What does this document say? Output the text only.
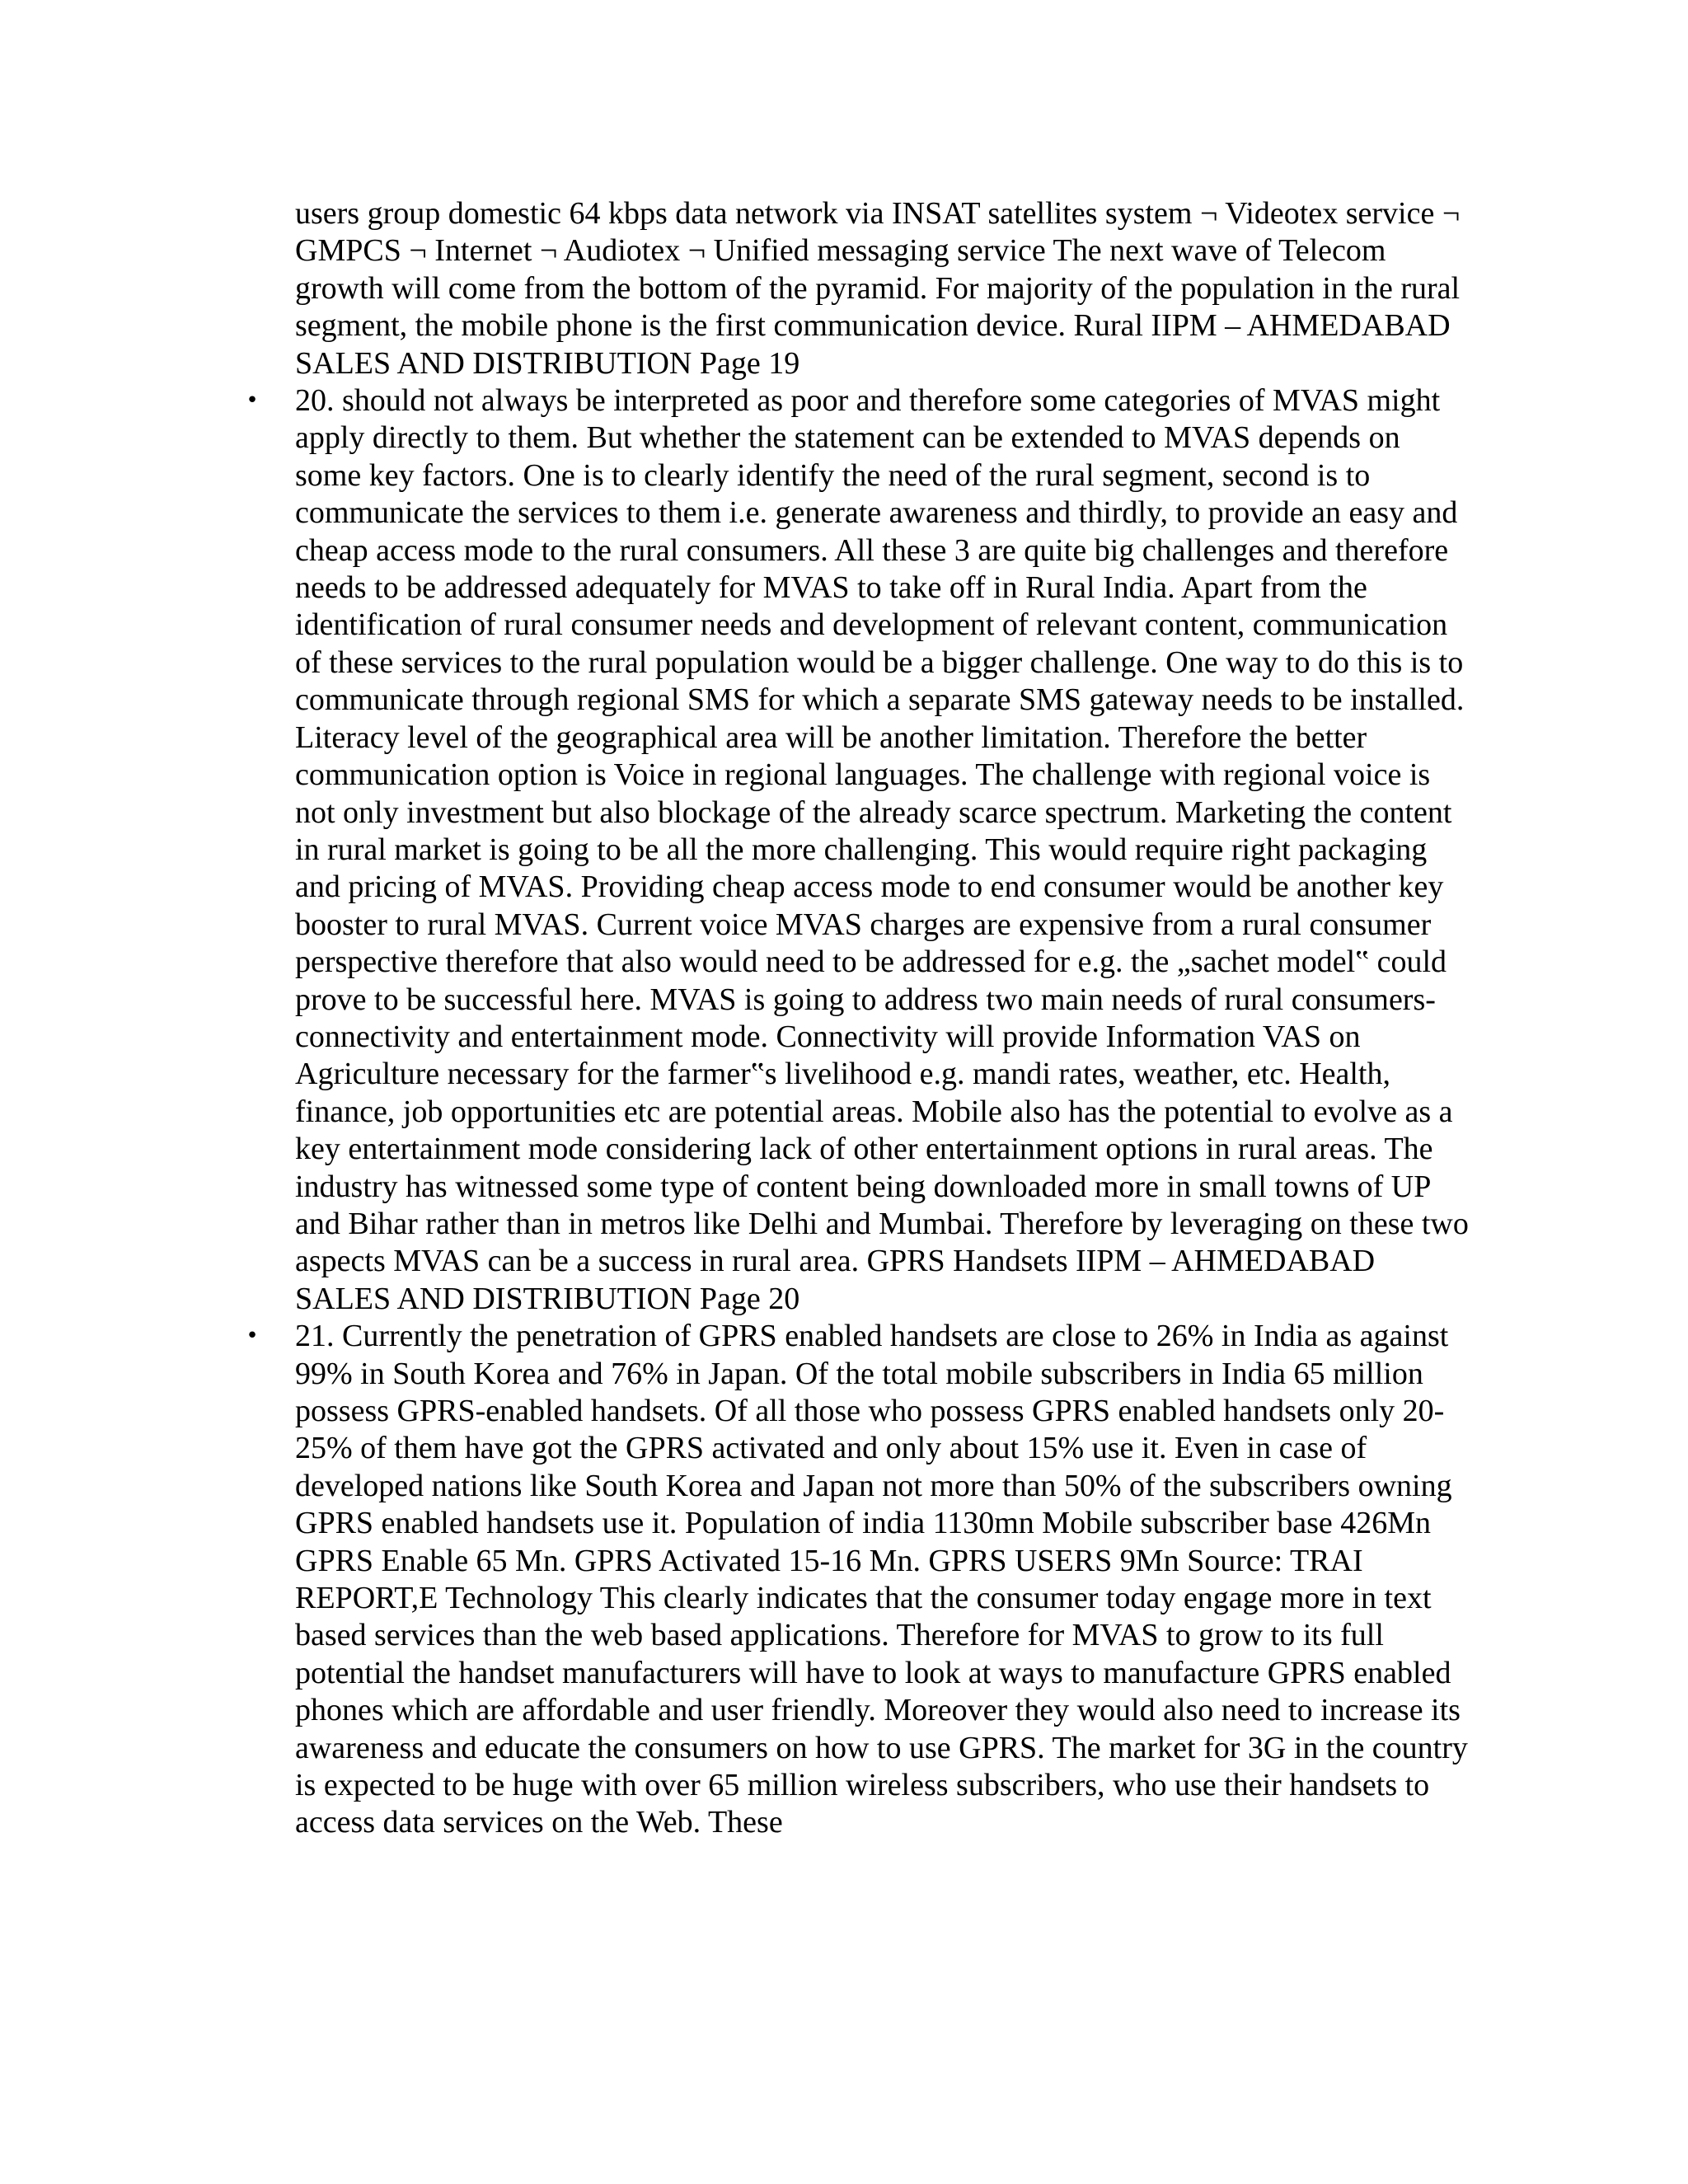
users group domestic 64 kbps data network via INSAT satellites system ¬ Videotex service ¬ GMPCS ¬ Internet ¬ Audiotex ¬ Unified messaging service The next wave of Telecom growth will come from the bottom of the pyramid. For majority of the population in the rural segment, the mobile phone is the first communication device. Rural IIPM – AHMEDABAD SALES AND DISTRIBUTION Page 19

• 20. should not always be interpreted as poor and therefore some categories of MVAS might apply directly to them. But whether the statement can be extended to MVAS depends on some key factors. One is to clearly identify the need of the rural segment, second is to communicate the services to them i.e. generate awareness and thirdly, to provide an easy and cheap access mode to the rural consumers. All these 3 are quite big challenges and therefore needs to be addressed adequately for MVAS to take off in Rural India. Apart from the identification of rural consumer needs and development of relevant content, communication of these services to the rural population would be a bigger challenge. One way to do this is to communicate through regional SMS for which a separate SMS gateway needs to be installed. Literacy level of the geographical area will be another limitation. Therefore the better communication option is Voice in regional languages. The challenge with regional voice is not only investment but also blockage of the already scarce spectrum. Marketing the content in rural market is going to be all the more challenging. This would require right packaging and pricing of MVAS. Providing cheap access mode to end consumer would be another key booster to rural MVAS. Current voice MVAS charges are expensive from a rural consumer perspective therefore that also would need to be addressed for e.g. the „sachet model‟ could prove to be successful here. MVAS is going to address two main needs of rural consumers- connectivity and entertainment mode. Connectivity will provide Information VAS on Agriculture necessary for the farmer‟s livelihood e.g. mandi rates, weather, etc. Health, finance, job opportunities etc are potential areas. Mobile also has the potential to evolve as a key entertainment mode considering lack of other entertainment options in rural areas. The industry has witnessed some type of content being downloaded more in small towns of UP and Bihar rather than in metros like Delhi and Mumbai. Therefore by leveraging on these two aspects MVAS can be a success in rural area. GPRS Handsets IIPM – AHMEDABAD SALES AND DISTRIBUTION Page 20
• 21. Currently the penetration of GPRS enabled handsets are close to 26% in India as against 99% in South Korea and 76% in Japan. Of the total mobile subscribers in India 65 million possess GPRS-enabled handsets. Of all those who possess GPRS enabled handsets only 20-25% of them have got the GPRS activated and only about 15% use it. Even in case of developed nations like South Korea and Japan not more than 50% of the subscribers owning GPRS enabled handsets use it. Population of india 1130mn Mobile subscriber base 426Mn GPRS Enable 65 Mn. GPRS Activated 15-16 Mn. GPRS USERS 9Mn Source: TRAI REPORT,E Technology This clearly indicates that the consumer today engage more in text based services than the web based applications. Therefore for MVAS to grow to its full potential the handset manufacturers will have to look at ways to manufacture GPRS enabled phones which are affordable and user friendly. Moreover they would also need to increase its awareness and educate the consumers on how to use GPRS. The market for 3G in the country is expected to be huge with over 65 million wireless subscribers, who use their handsets to access data services on the Web. These
